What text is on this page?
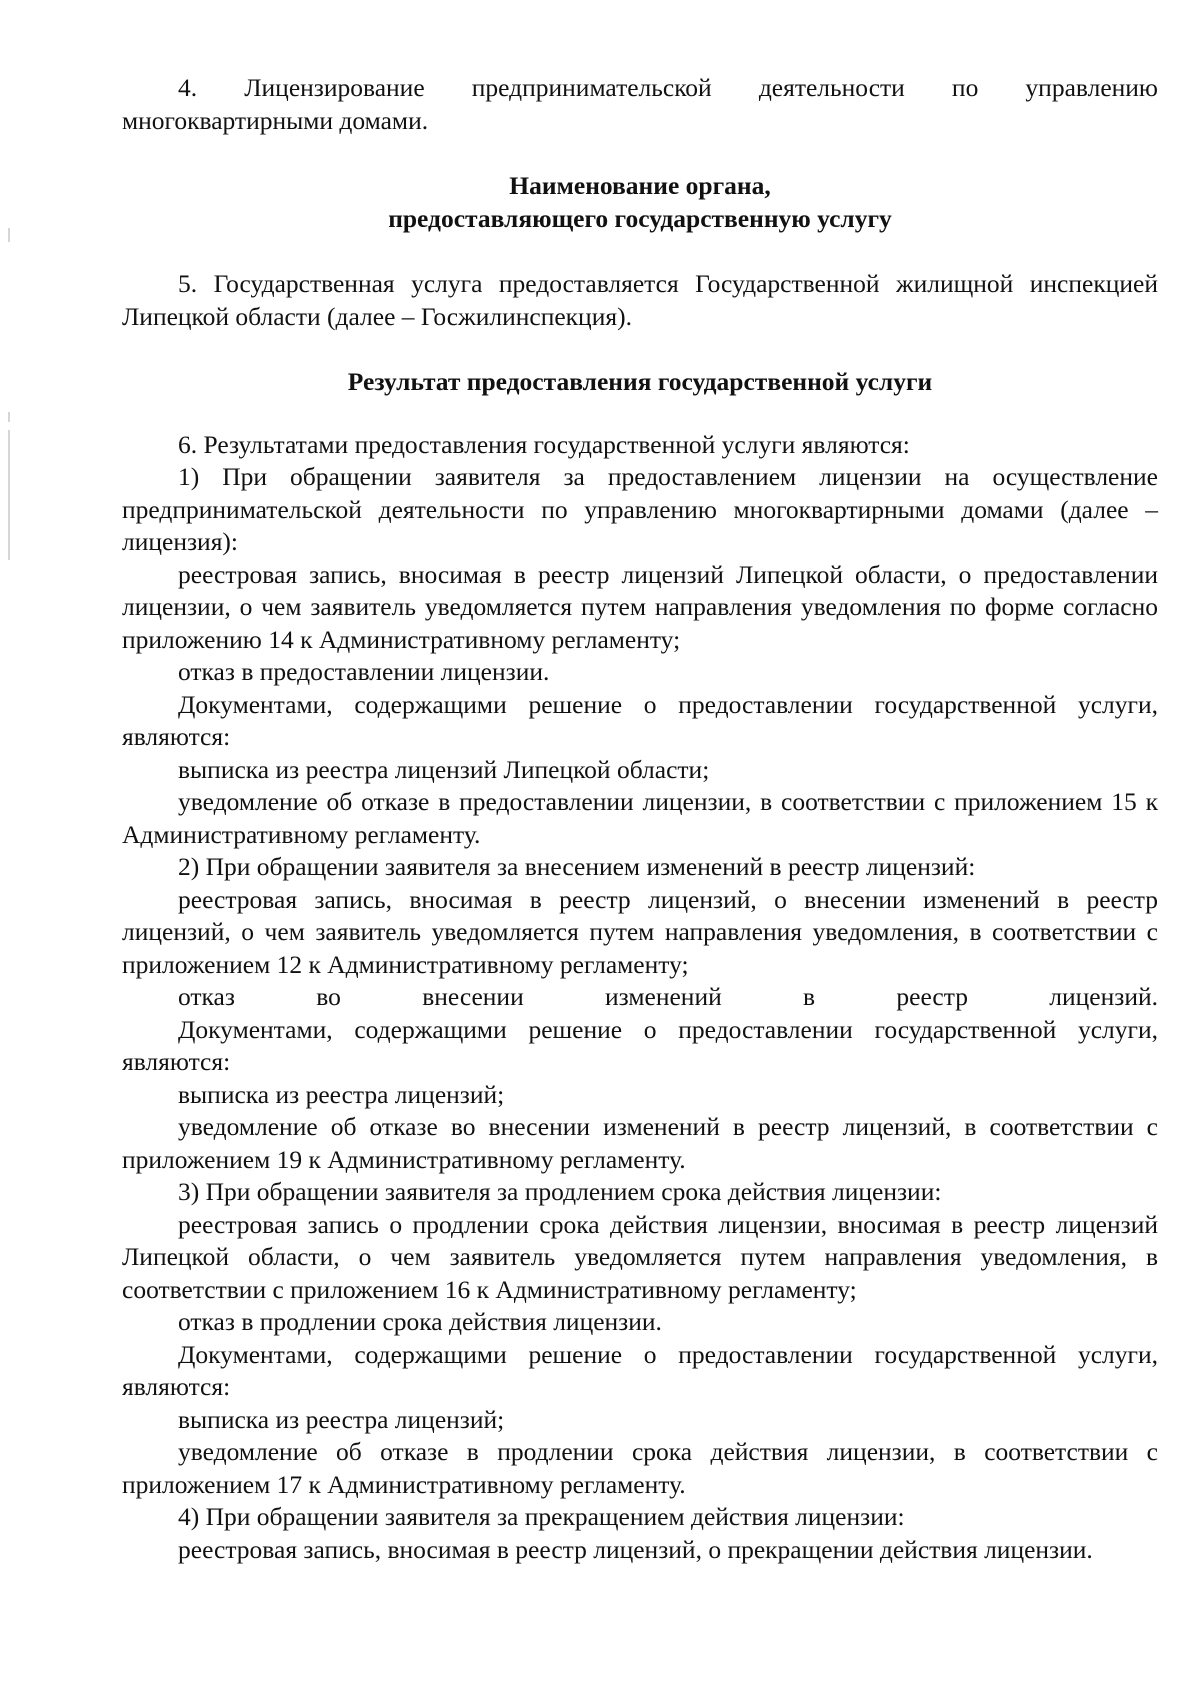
4. Лицензирование предпринимательской деятельности по управлению многоквартирными домами.

Наименование органа,

предоставляющего государственную услугу

5. Государственная услуга предоставляется Государственной жилищной инспекцией Липецкой области (далее – Госжилинспекция).

Результат предоставления государственной услуги

6. Результатами предоставления государственной услуги являются:

1) При обращении заявителя за предоставлением лицензии на осуществление предпринимательской деятельности по управлению многоквартирными домами (далее – лицензия):

реестровая запись, вносимая в реестр лицензий Липецкой области, о предоставлении лицензии, о чем заявитель уведомляется путем направления уведомления по форме согласно приложению 14 к Административному регламенту;

отказ в предоставлении лицензии.

Документами, содержащими решение о предоставлении государственной услуги, являются:

выписка из реестра лицензий Липецкой области;

уведомление об отказе в предоставлении лицензии, в соответствии с приложением 15 к Административному регламенту.

2) При обращении заявителя за внесением изменений в реестр лицензий:

реестровая запись, вносимая в реестр лицензий, о внесении изменений в реестр лицензий, о чем заявитель уведомляется путем направления уведомления, в соответствии с приложением 12 к Административному регламенту;

отказ во внесении изменений в реестр лицензий.

Документами, содержащими решение о предоставлении государственной услуги, являются:

выписка из реестра лицензий;

уведомление об отказе во внесении изменений в реестр лицензий, в соответствии с приложением 19 к Административному регламенту.

3) При обращении заявителя за продлением срока действия лицензии:

реестровая запись о продлении срока действия лицензии, вносимая в реестр лицензий Липецкой области, о чем заявитель уведомляется путем направления уведомления, в соответствии с приложением 16 к Административному регламенту;

отказ в продлении срока действия лицензии.

Документами, содержащими решение о предоставлении государственной услуги, являются:

выписка из реестра лицензий;

уведомление об отказе в продлении срока действия лицензии, в соответствии с приложением 17 к Административному регламенту.

4) При обращении заявителя за прекращением действия лицензии:

реестровая запись, вносимая в реестр лицензий, о прекращении действия лицензии.
